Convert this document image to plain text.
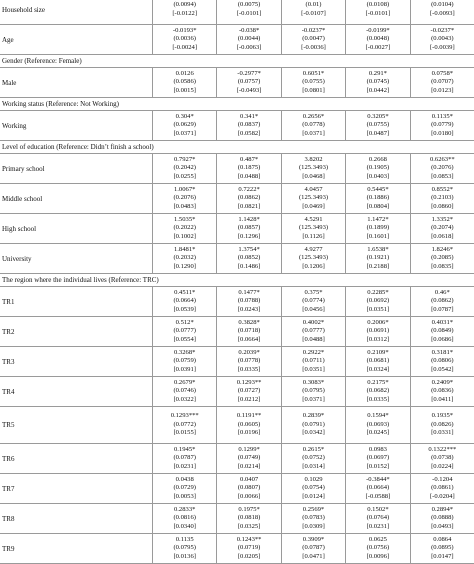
Household size
(0.0094)
[-0.0122]
(0.0075)
[-0.0101]
(0.01)
[-0.0107]
(0.0108)
[-0.0101]
(0.0104)
[-0.0093]
Age
-0.0193*
(0.0036)
[-0.0024]
-0.038*
(0.0044)
[-0.0063]
-0.0237*
(0.0047)
[-0.0036]
-0.0199*
(0.0048)
[-0.0027]
-0.0237*
(0.0043)
[-0.0039]
Gender (Reference: Female)
Male
0.0126
(0.0586)
[0.0015]
-0.2977*
(0.0757)
[-0.0493]
0.6051*
(0.0755)
[0.0801]
0.291*
(0.0745)
[0.0442]
0.0758*
(0.0707)
[0.0123]
Working status (Reference: Not Working)
Working
0.304*
(0.0629)
[0.0371]
0.341*
(0.0837)
[0.0582]
0.2656*
(0.0778)
[0.0371]
0.3205*
(0.0755)
[0.0487]
0.1135*
(0.0779)
[0.0180]
Level of education (Reference: Didn’t finish a school)
Primary school
0.7927*
(0.2042)
[0.0255]
0.487*
(0.1875)
[0.0488]
3.8202
(125.3493)
[0.0468]
0.2668
(0.1905)
[0.0403]
0.6263**
(0.2076)
[0.0853]
Middle school
1.0067*
(0.2076)
[0.0483]
0.7222*
(0.0862)
[0.0821]
4.0457
(125.3493)
[0.0469]
0.5445*
(0.1886)
[0.0804]
0.8552*
(0.2103)
[0.0860]
High school
1.5035*
(0.2022)
[0.1002]
1.1428*
(0.0857)
[0.1296]
4.5291
(125.3493)
[0.1126]
1.1472*
(0.1899)
[0.1601]
1.3352*
(0.2074)
[0.0618]
University
1.8481*
(0.2032)
[0.1290]
1.3754*
(0.0852)
[0.1486]
4.9277
(125.3493)
[0.1206]
1.6538*
(0.1921)
[0.2188]
1.8246*
(0.2085)
[0.0835]
The region where the individual lives (Reference: TRC)
TR1
0.4511*
(0.0664)
[0.0539]
0.1477*
(0.0788)
[0.0243]
0.375*
(0.0774)
[0.0456]
0.2285*
(0.0692)
[0.0351]
0.46*
(0.0862)
[0.0787]
TR2
0.512*
(0.0777)
[0.0554]
0.3828*
(0.0718)
[0.0664]
0.4002*
(0.0777)
[0.0488]
0.2006*
(0.0691)
[0.0312]
0.4031*
(0.0849)
[0.0686]
TR3
0.3268*
(0.0759)
[0.0391]
0.2039*
(0.0778)
[0.0335]
0.2922*
(0.0711)
[0.0351]
0.2109*
(0.0681)
[0.0324]
0.3181*
(0.0806)
[0.0542]
TR4
0.2679*
(0.0746)
[0.0322]
0.1293**
(0.0727)
[0.0212]
0.3083*
(0.0795)
[0.0371]
0.2175*
(0.0682)
[0.0335]
0.2409*
(0.0836)
[0.0411]
TR5
0.1293***
(0.0772)
[0.0155]
0.1191**
(0.0605)
[0.0196]
0.2839*
(0.0791)
[0.0342]
0.1594*
(0.0693)
[0.0245]
0.1935*
(0.0826)
[0.0331]
TR6
0.1945*
(0.0787)
[0.0231]
0.1299*
(0.0749)
[0.0214]
0.2615*
(0.0752)
[0.0314]
0.0983
(0.0697)
[0.0152]
0.1322***
(0.0738)
[0.0224]
TR7
0.0438
(0.0729)
[0.0053]
0.0407
(0.0807)
[0.0066]
0.1029
(0.0754)
[0.0124]
-0.3844*
(0.0664)
[-0.0588]
-0.1204
(0.0861)
[-0.0204]
TR8
0.2833*
(0.0816)
[0.0340]
0.1975*
(0.0818)
[0.0325]
0.2569*
(0.0783)
[0.0309]
0.1502*
(0.0764)
[0.0231]
0.2894*
(0.0888)
[0.0493]
TR9
0.1135
(0.0795)
[0.0136]
0.1243**
(0.0719)
[0.0205]
0.3909*
(0.0787)
[0.0471]
0.0625
(0.0756)
[0.0096]
0.0864
(0.0895)
[0.0147]
